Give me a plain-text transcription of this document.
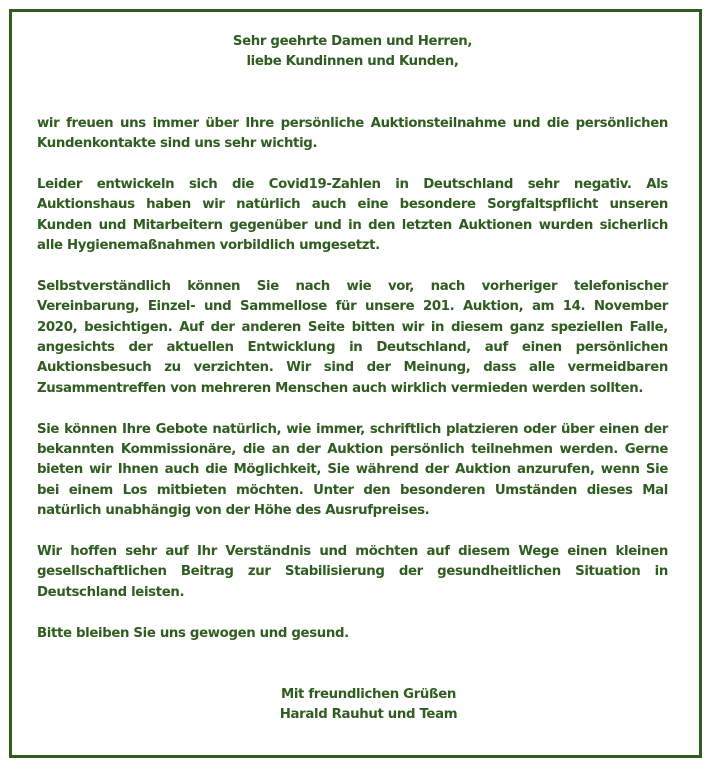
Sehr geehrte Damen und Herren,
liebe Kundinnen und Kunden,

wir freuen uns immer über Ihre persönliche Auktionsteilnahme und die persönlichen Kundenkontakte sind uns sehr wichtig.

Leider entwickeln sich die Covid19-Zahlen in Deutschland sehr negativ. Als Auktionshaus haben wir natürlich auch eine besondere Sorgfaltspflicht unseren Kunden und Mitarbeitern gegenüber und in den letzten Auktionen wurden sicherlich alle Hygienemaßnahmen vorbildlich umgesetzt.

Selbstverständlich können Sie nach wie vor, nach vorheriger telefonischer Vereinbarung, Einzel- und Sammellose für unsere 201. Auktion, am 14. November 2020, besichtigen. Auf der anderen Seite bitten wir in diesem ganz speziellen Falle, angesichts der aktuellen Entwicklung in Deutschland, auf einen persönlichen Auktionsbesuch zu verzichten. Wir sind der Meinung, dass alle vermeidbaren Zusammentreffen von mehreren Menschen auch wirklich vermieden werden sollten.

Sie können Ihre Gebote natürlich, wie immer, schriftlich platzieren oder über einen der bekannten Kommissionäre, die an der Auktion persönlich teilnehmen werden. Gerne bieten wir Ihnen auch die Möglichkeit, Sie während der Auktion anzurufen, wenn Sie bei einem Los mitbieten möchten. Unter den besonderen Umständen dieses Mal natürlich unabhängig von der Höhe des Ausrufpreises.

Wir hoffen sehr auf Ihr Verständnis und möchten auf diesem Wege einen kleinen gesellschaftlichen Beitrag zur Stabilisierung der gesundheitlichen Situation in Deutschland leisten.

Bitte bleiben Sie uns gewogen und gesund.

Mit freundlichen Grüßen
Harald Rauhut und Team
